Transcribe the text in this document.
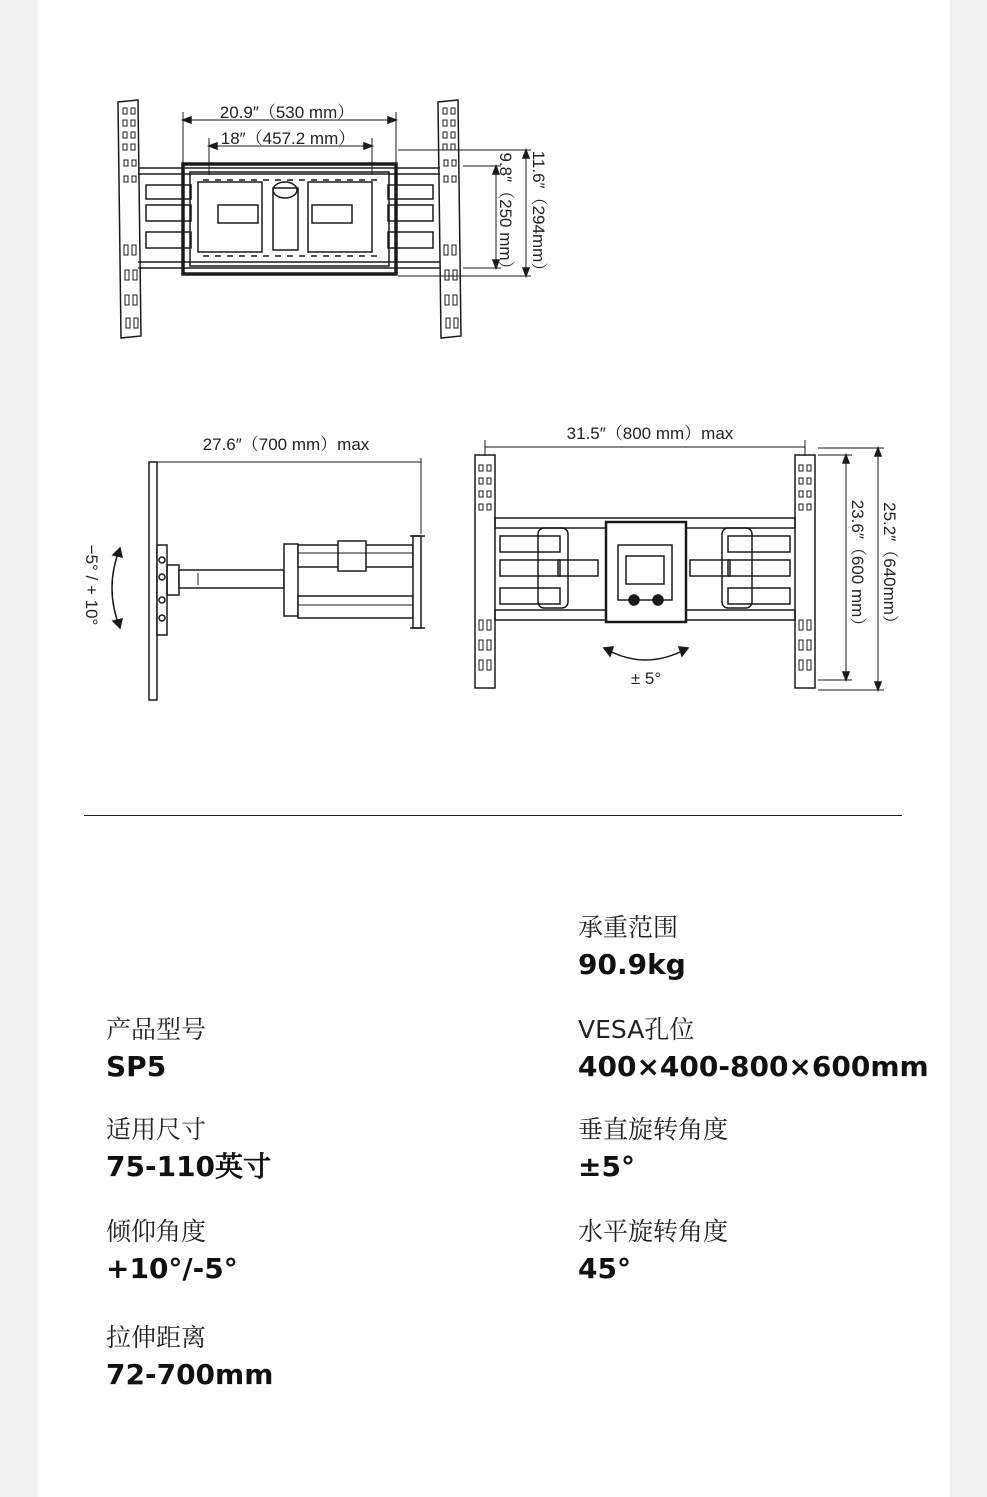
20.9″（530 mm）
18″（457.2 mm）
9.8″（250 mm） 11.6″（294mm）
27.6″（700 mm）max
−5° / + 10°
31.5″（800 mm）max
23.6″（600 mm） 25.2″（640mm）
± 5°
承重范围
90.9kg
VESA孔位
400×400-800×600mm
垂直旋转角度
±5°
水平旋转角度
45°
产品型号
SP5
适用尺寸
75-110英寸
倾仰角度
+10°/-5°
拉伸距离
72-700mm
